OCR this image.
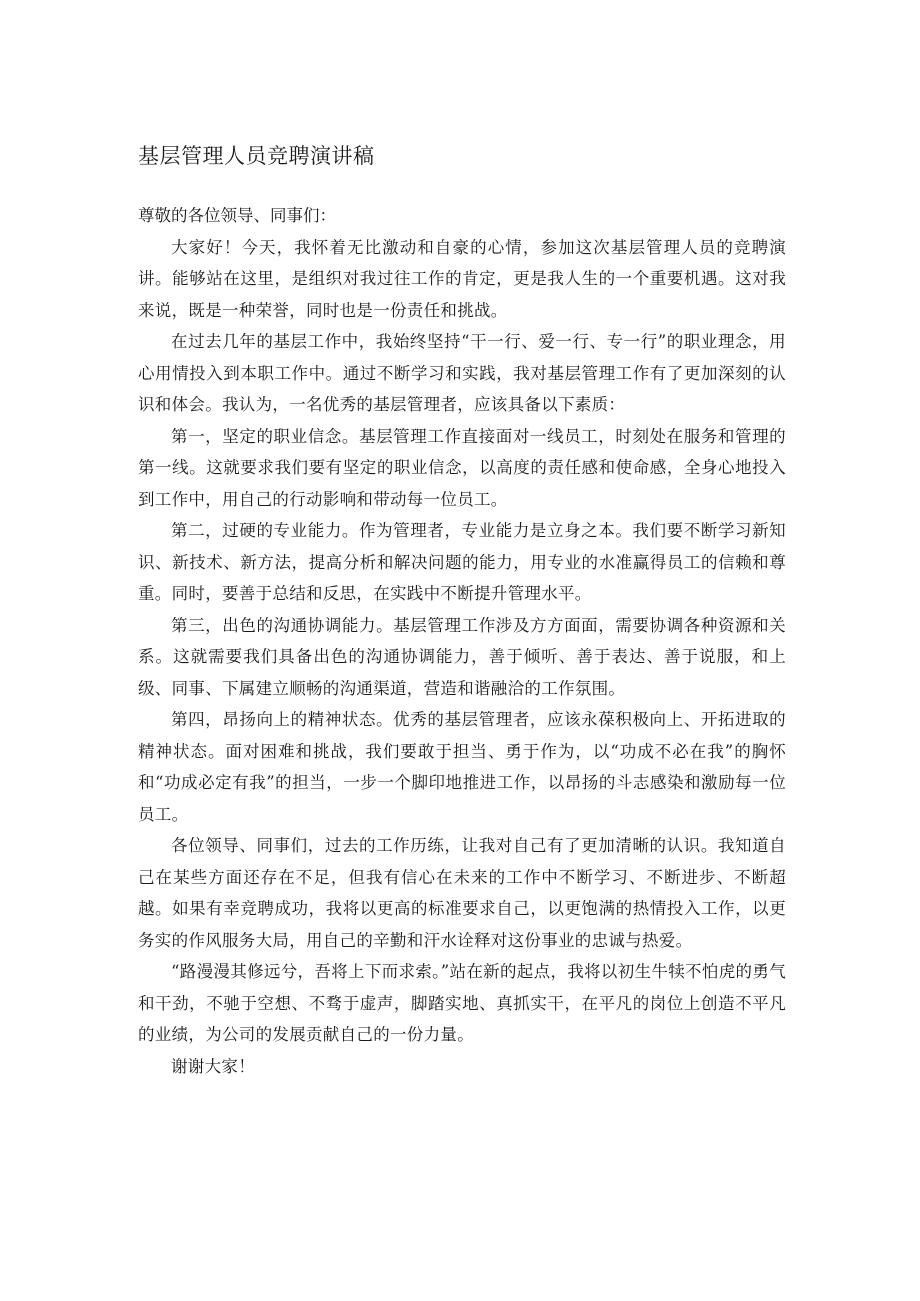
基层管理人员竞聘演讲稿

尊敬的各位领导、同事们：

大家好！今天，我怀着无比激动和自豪的心情，参加这次基层管理人员的竞聘演讲。能够站在这里，是组织对我过往工作的肯定，更是我人生的一个重要机遇。这对我来说，既是一种荣誉，同时也是一份责任和挑战。

在过去几年的基层工作中，我始终坚持“干一行、爱一行、专一行”的职业理念，用心用情投入到本职工作中。通过不断学习和实践，我对基层管理工作有了更加深刻的认识和体会。我认为，一名优秀的基层管理者，应该具备以下素质：

第一，坚定的职业信念。基层管理工作直接面对一线员工，时刻处在服务和管理的第一线。这就要求我们要有坚定的职业信念，以高度的责任感和使命感，全身心地投入到工作中，用自己的行动影响和带动每一位员工。

第二，过硬的专业能力。作为管理者，专业能力是立身之本。我们要不断学习新知识、新技术、新方法，提高分析和解决问题的能力，用专业的水准赢得员工的信赖和尊重。同时，要善于总结和反思，在实践中不断提升管理水平。

第三，出色的沟通协调能力。基层管理工作涉及方方面面，需要协调各种资源和关系。这就需要我们具备出色的沟通协调能力，善于倾听、善于表达、善于说服，和上级、同事、下属建立顺畅的沟通渠道，营造和谐融洽的工作氛围。

第四，昂扬向上的精神状态。优秀的基层管理者，应该永葆积极向上、开拓进取的精神状态。面对困难和挑战，我们要敢于担当、勇于作为，以“功成不必在我”的胸怀和“功成必定有我”的担当，一步一个脚印地推进工作，以昂扬的斗志感染和激励每一位员工。

各位领导、同事们，过去的工作历练，让我对自己有了更加清晰的认识。我知道自己在某些方面还存在不足，但我有信心在未来的工作中不断学习、不断进步、不断超越。如果有幸竞聘成功，我将以更高的标准要求自己，以更饱满的热情投入工作，以更务实的作风服务大局，用自己的辛勤和汗水诠释对这份事业的忠诚与热爱。

“路漫漫其修远兮，吾将上下而求索。”站在新的起点，我将以初生牛犊不怕虎的勇气和干劲，不驰于空想、不骛于虚声，脚踏实地、真抓实干，在平凡的岗位上创造不平凡的业绩，为公司的发展贡献自己的一份力量。

谢谢大家！
